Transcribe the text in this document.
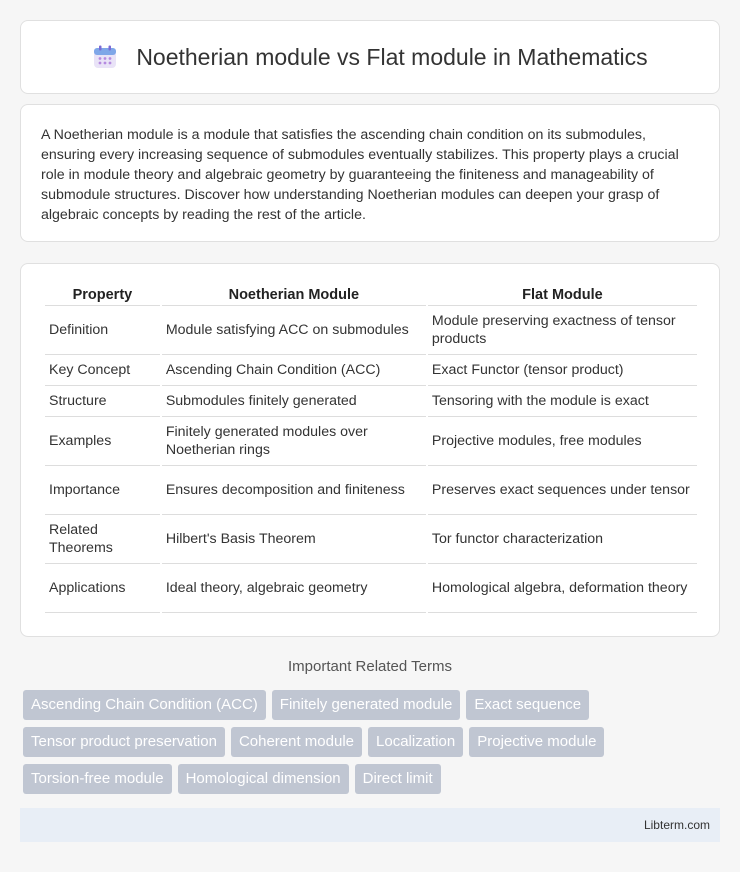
Noetherian module vs Flat module in Mathematics

A Noetherian module is a module that satisfies the ascending chain condition on its submodules, ensuring every increasing sequence of submodules eventually stabilizes. This property plays a crucial role in module theory and algebraic geometry by guaranteeing the finiteness and manageability of submodule structures. Discover how understanding Noetherian modules can deepen your grasp of algebraic concepts by reading the rest of the article.

Property	Noetherian Module	Flat Module
Definition	Module satisfying ACC on submodules	Module preserving exactness of tensor products
Key Concept	Ascending Chain Condition (ACC)	Exact Functor (tensor product)
Structure	Submodules finitely generated	Tensoring with the module is exact
Examples	Finitely generated modules over Noetherian rings	Projective modules, free modules
Importance	Ensures decomposition and finiteness	Preserves exact sequences under tensor
Related Theorems	Hilbert's Basis Theorem	Tor functor characterization
Applications	Ideal theory, algebraic geometry	Homological algebra, deformation theory
Important Related Terms
Ascending Chain Condition (ACC)	Finitely generated module	Exact sequence
Tensor product preservation	Coherent module	Localization	Projective module
Torsion-free module	Homological dimension	Direct limit
Libterm.com
